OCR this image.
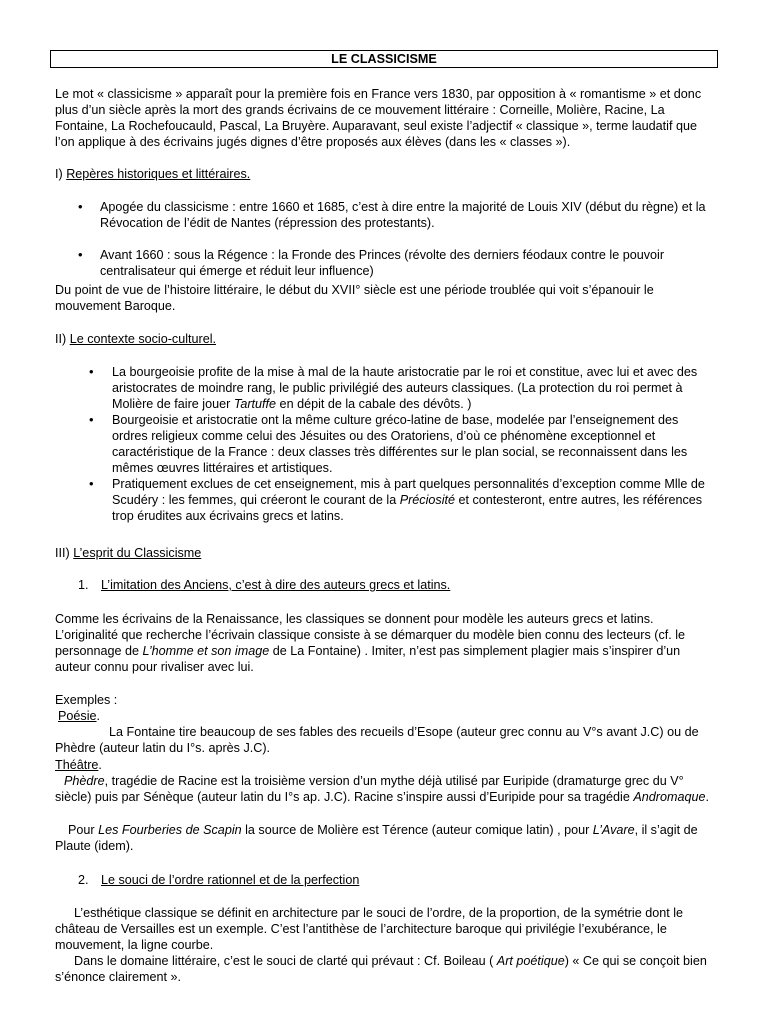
LE CLASSICISME

Le mot « classicisme » apparaît pour la première fois en France vers 1830, par opposition à « romantisme » et donc plus d’un siècle après la mort des grands écrivains de ce mouvement littéraire : Corneille, Molière, Racine, La Fontaine, La Rochefoucauld, Pascal, La Bruyère. Auparavant, seul existe l’adjectif « classique », terme laudatif que l’on applique à des écrivains jugés dignes d’être proposés aux élèves (dans les « classes »).

I) Repères historiques et littéraires.

• Apogée du classicisme : entre 1660 et 1685, c’est à dire entre la majorité de Louis XIV (début du règne) et la Révocation de l’édit de Nantes (répression des protestants).
• Avant 1660 : sous la Régence : la Fronde des Princes (révolte des derniers féodaux contre le pouvoir centralisateur qui émerge et réduit leur influence)

Du point de vue de l’histoire littéraire, le début du XVII° siècle est une période troublée qui voit s’épanouir le mouvement Baroque.

II) Le contexte socio-culturel.

• La bourgeoisie profite de la mise à mal de la haute aristocratie par le roi et constitue, avec lui et avec des aristocrates de moindre rang, le public privilégié des auteurs classiques. (La protection du roi permet à Molière de faire jouer Tartuffe en dépit de la cabale des dévôts. )
• Bourgeoisie et aristocratie ont la même culture gréco-latine de base, modelée par l’enseignement des ordres religieux comme celui des Jésuites ou des Oratoriens, d’où ce phénomène exceptionnel et caractéristique de la France : deux classes très différentes sur le plan social, se reconnaissent dans les mêmes œuvres littéraires et artistiques.
• Pratiquement exclues de cet enseignement, mis à part quelques personnalités d’exception comme Mlle de Scudéry : les femmes, qui créeront le courant de la Préciosité et contesteront, entre autres, les références trop érudites aux écrivains grecs et latins.

III) L’esprit du Classicisme

1. L’imitation des Anciens, c’est à dire des auteurs grecs et latins.

Comme les écrivains de la Renaissance, les classiques se donnent pour modèle les auteurs grecs et latins.

L’originalité que recherche l’écrivain classique consiste à se démarquer du modèle bien connu des lecteurs (cf. le personnage de L’homme et son image de La Fontaine) . Imiter, n’est pas simplement plagier mais s’inspirer d’un auteur connu pour rivaliser avec lui.

Exemples :

Poésie.

La Fontaine tire beaucoup de ses fables des recueils d’Esope (auteur grec connu au V°s avant J.C) ou de Phèdre (auteur latin du I°s. après J.C).

Théâtre.

Phèdre, tragédie de Racine est la troisième version d’un mythe déjà utilisé par Euripide (dramaturge grec du V° siècle) puis par Sénèque (auteur latin du I°s ap. J.C). Racine s’inspire aussi d’Euripide pour sa tragédie Andromaque.

Pour Les Fourberies de Scapin la source de Molière est Térence (auteur comique latin) , pour L’Avare, il s’agit de Plaute (idem).

2. Le souci de l’ordre rationnel et de la perfection

L’esthétique classique se définit en architecture par le souci de l’ordre, de la proportion, de la symétrie dont le château de Versailles est un exemple. C’est l’antithèse de l’architecture baroque qui privilégie l’exubérance, le mouvement, la ligne courbe.

Dans le domaine littéraire, c’est le souci de clarté qui prévaut : Cf. Boileau ( Art poétique) « Ce qui se conçoit bien s’énonce clairement ».
